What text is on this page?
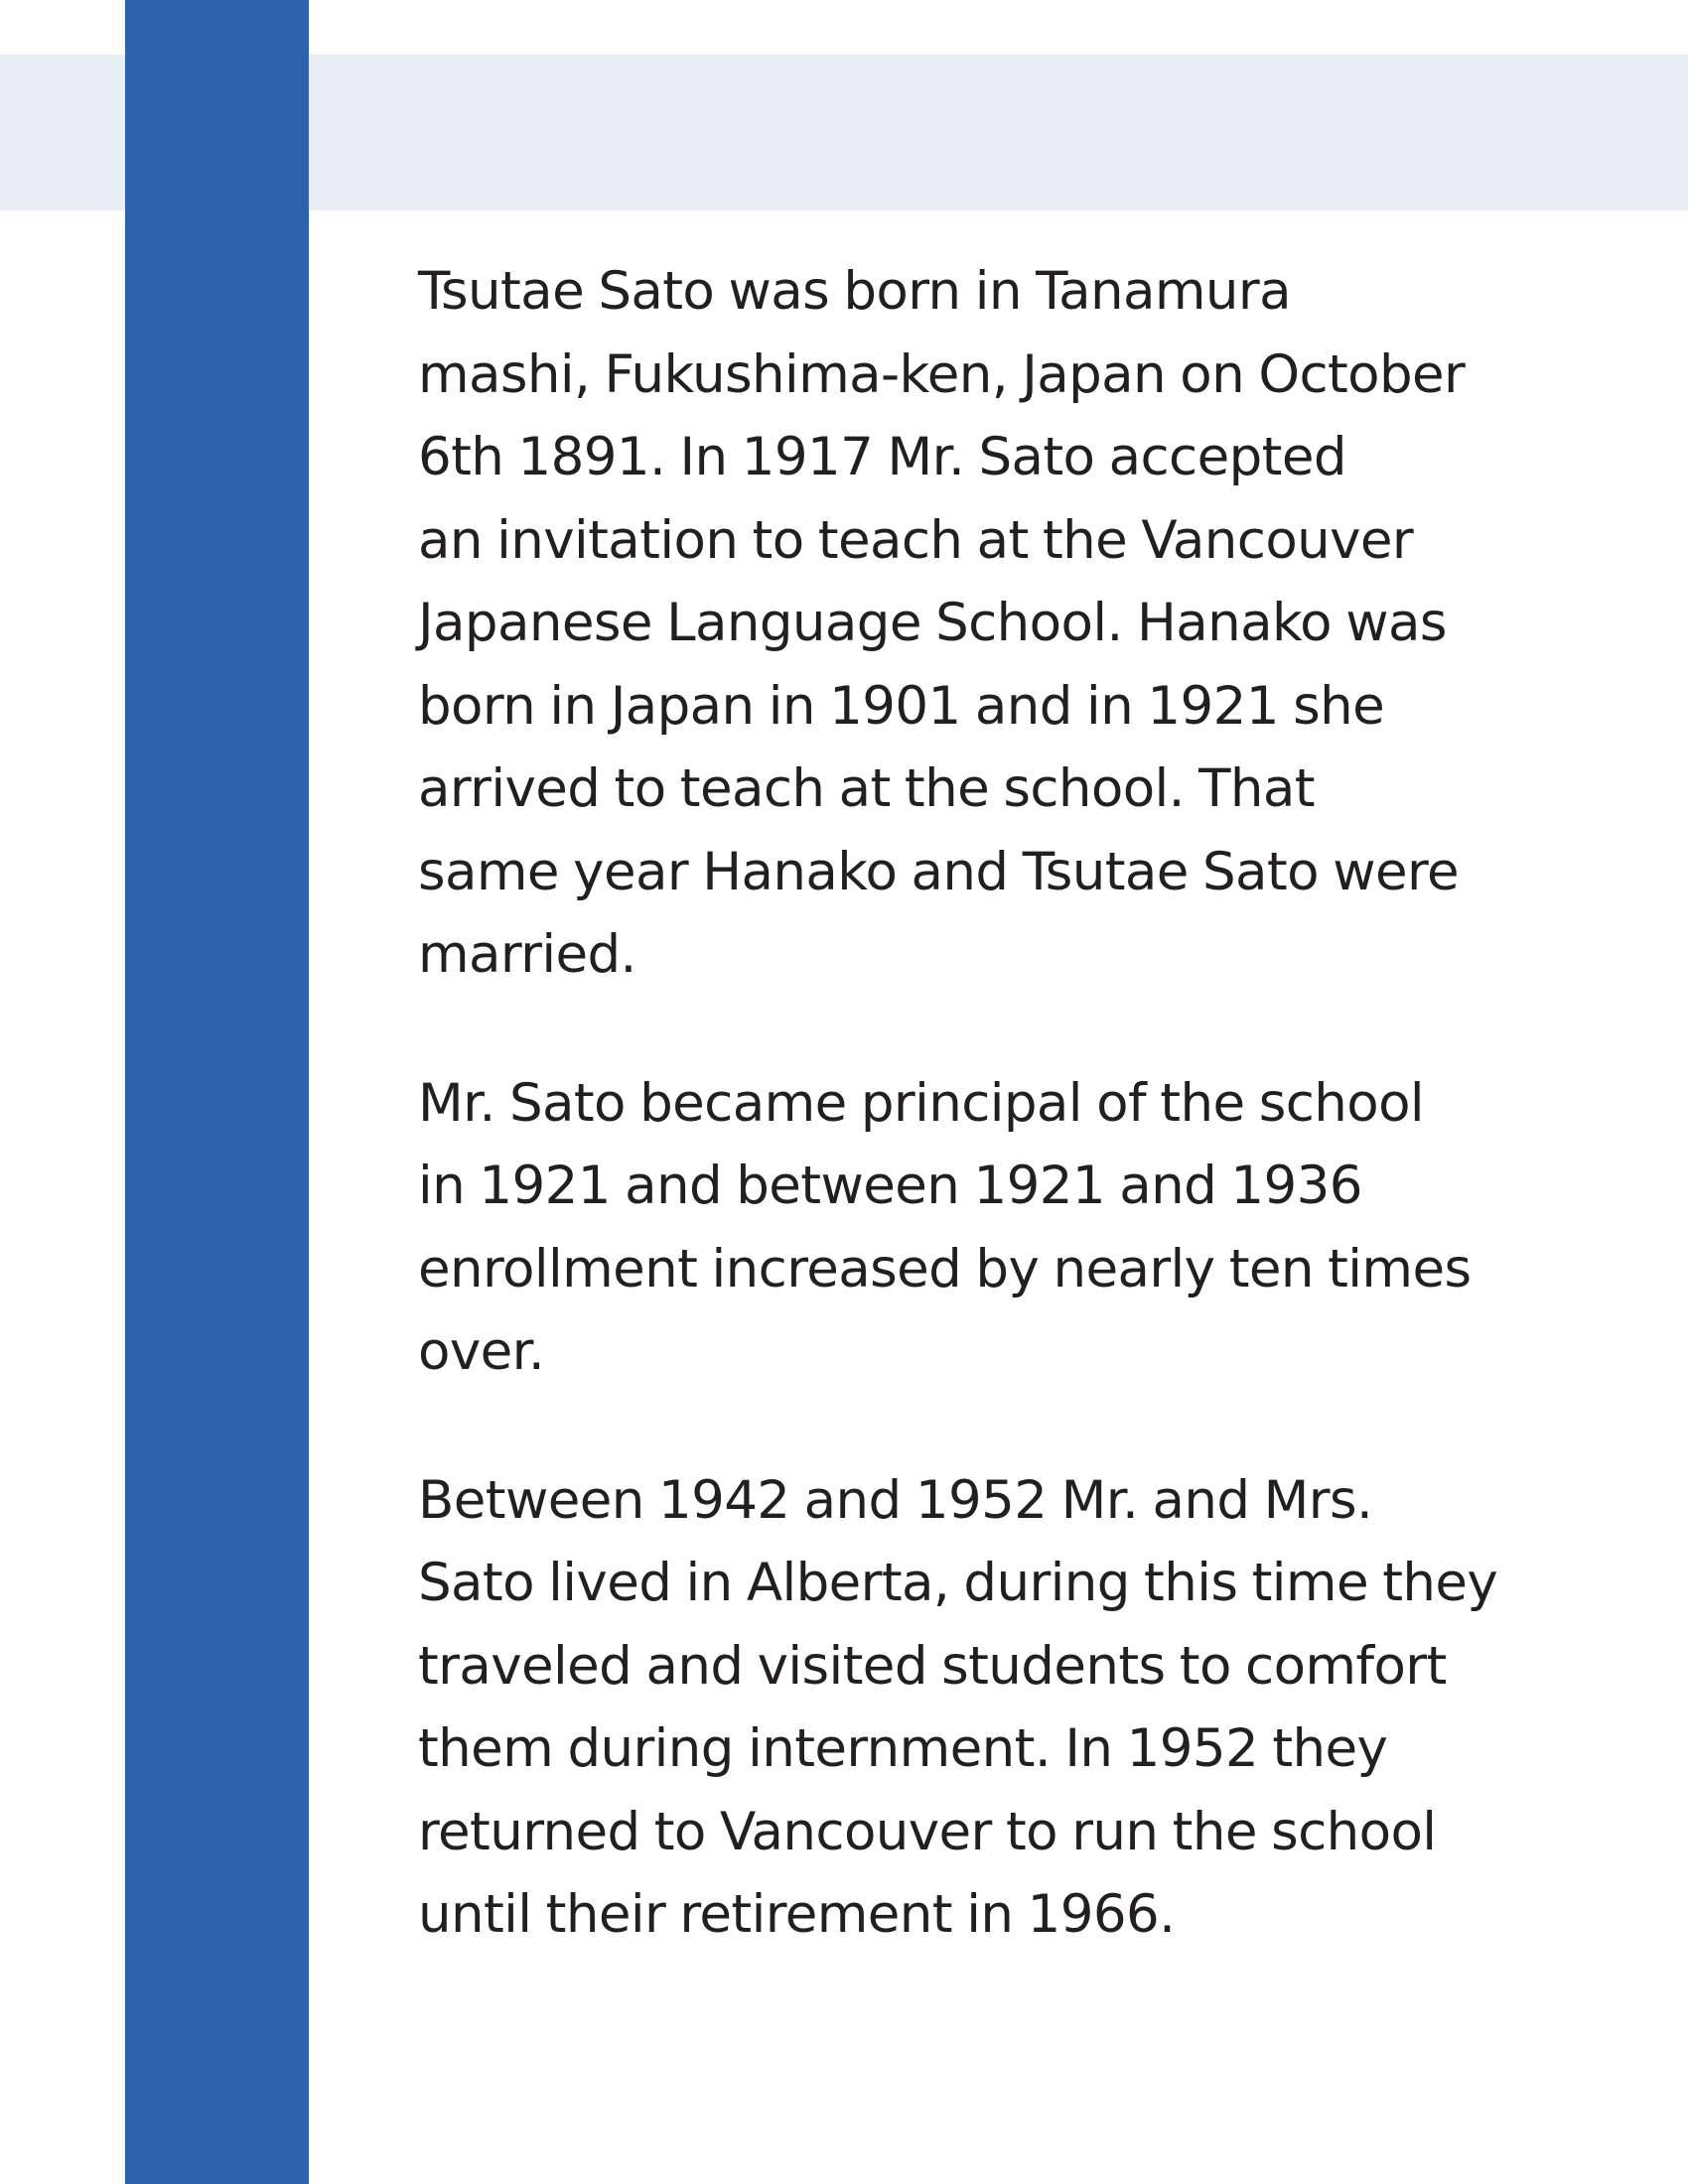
Tsutae Sato was born in Tanamura
mashi, Fukushima-ken, Japan on October
6th 1891. In 1917 Mr. Sato accepted
an invitation to teach at the Vancouver
Japanese Language School. Hanako was
born in Japan in 1901 and in 1921 she
arrived to teach at the school. That
same year Hanako and Tsutae Sato were
married.

Mr. Sato became principal of the school
in 1921 and between 1921 and 1936
enrollment increased by nearly ten times
over.

Between 1942 and 1952 Mr. and Mrs.
Sato lived in Alberta, during this time they
traveled and visited students to comfort
them during internment. In 1952 they
returned to Vancouver to run the school
until their retirement in 1966.
